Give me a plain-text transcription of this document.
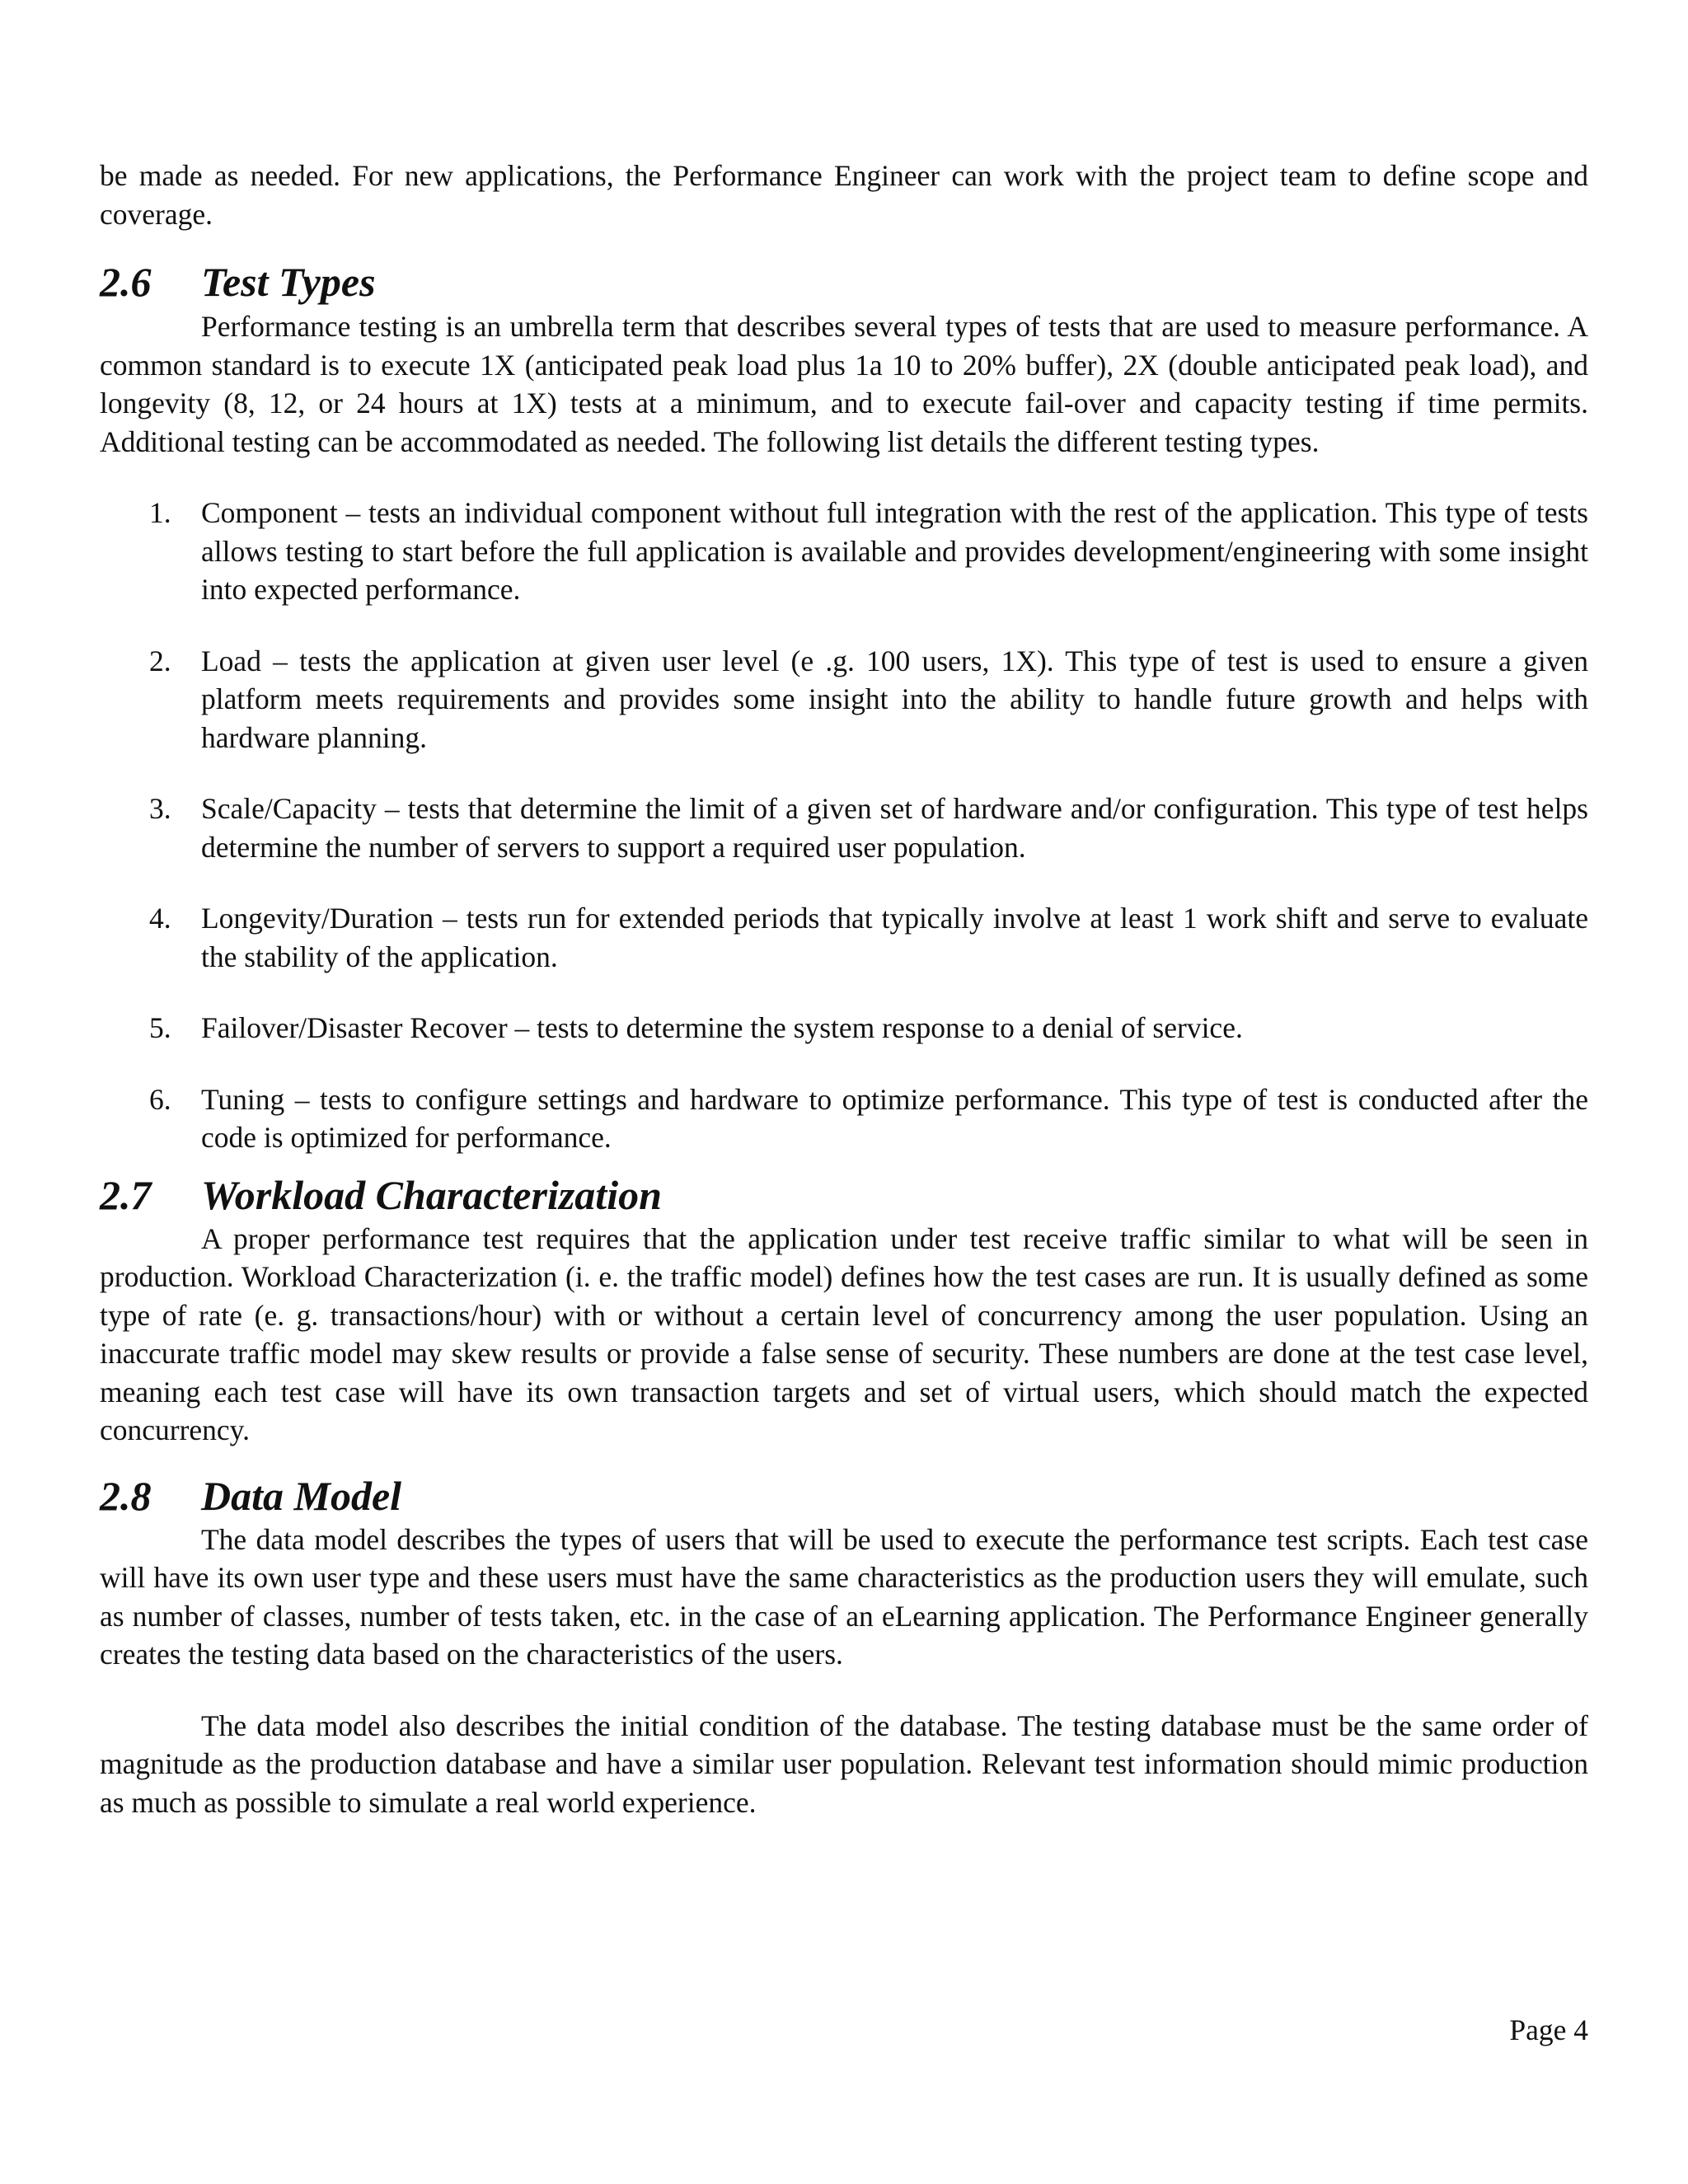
be made as needed. For new applications, the Performance Engineer can work with the project team to define scope and coverage.

2.6	Test Types

Performance testing is an umbrella term that describes several types of tests that are used to measure performance. A common standard is to execute 1X (anticipated peak load plus 1a 10 to 20% buffer), 2X (double anticipated peak load), and longevity (8, 12, or 24 hours at 1X) tests at a minimum, and to execute fail-over and capacity testing if time permits. Additional testing can be accommodated as needed. The following list details the different testing types.

1. Component – tests an individual component without full integration with the rest of the application. This type of tests allows testing to start before the full application is available and provides development/engineering with some insight into expected performance.
2. Load – tests the application at given user level (e .g. 100 users, 1X). This type of test is used to ensure a given platform meets requirements and provides some insight into the ability to handle future growth and helps with hardware planning.
3. Scale/Capacity – tests that determine the limit of a given set of hardware and/or configuration. This type of test helps determine the number of servers to support a required user population.
4. Longevity/Duration – tests run for extended periods that typically involve at least 1 work shift and serve to evaluate the stability of the application.
5. Failover/Disaster Recover – tests to determine the system response to a denial of service.
6. Tuning – tests to configure settings and hardware to optimize performance. This type of test is conducted after the code is optimized for performance.
2.7	Workload Characterization

A proper performance test requires that the application under test receive traffic similar to what will be seen in production. Workload Characterization (i. e. the traffic model) defines how the test cases are run. It is usually defined as some type of rate (e. g. transactions/hour) with or without a certain level of concurrency among the user population. Using an inaccurate traffic model may skew results or provide a false sense of security. These numbers are done at the test case level, meaning each test case will have its own transaction targets and set of virtual users, which should match the expected concurrency.

2.8	Data Model

The data model describes the types of users that will be used to execute the performance test scripts. Each test case will have its own user type and these users must have the same characteristics as the production users they will emulate, such as number of classes, number of tests taken, etc. in the case of an eLearning application. The Performance Engineer generally creates the testing data based on the characteristics of the users.

The data model also describes the initial condition of the database. The testing database must be the same order of magnitude as the production database and have a similar user population. Relevant test information should mimic production as much as possible to simulate a real world experience.

Page 4
